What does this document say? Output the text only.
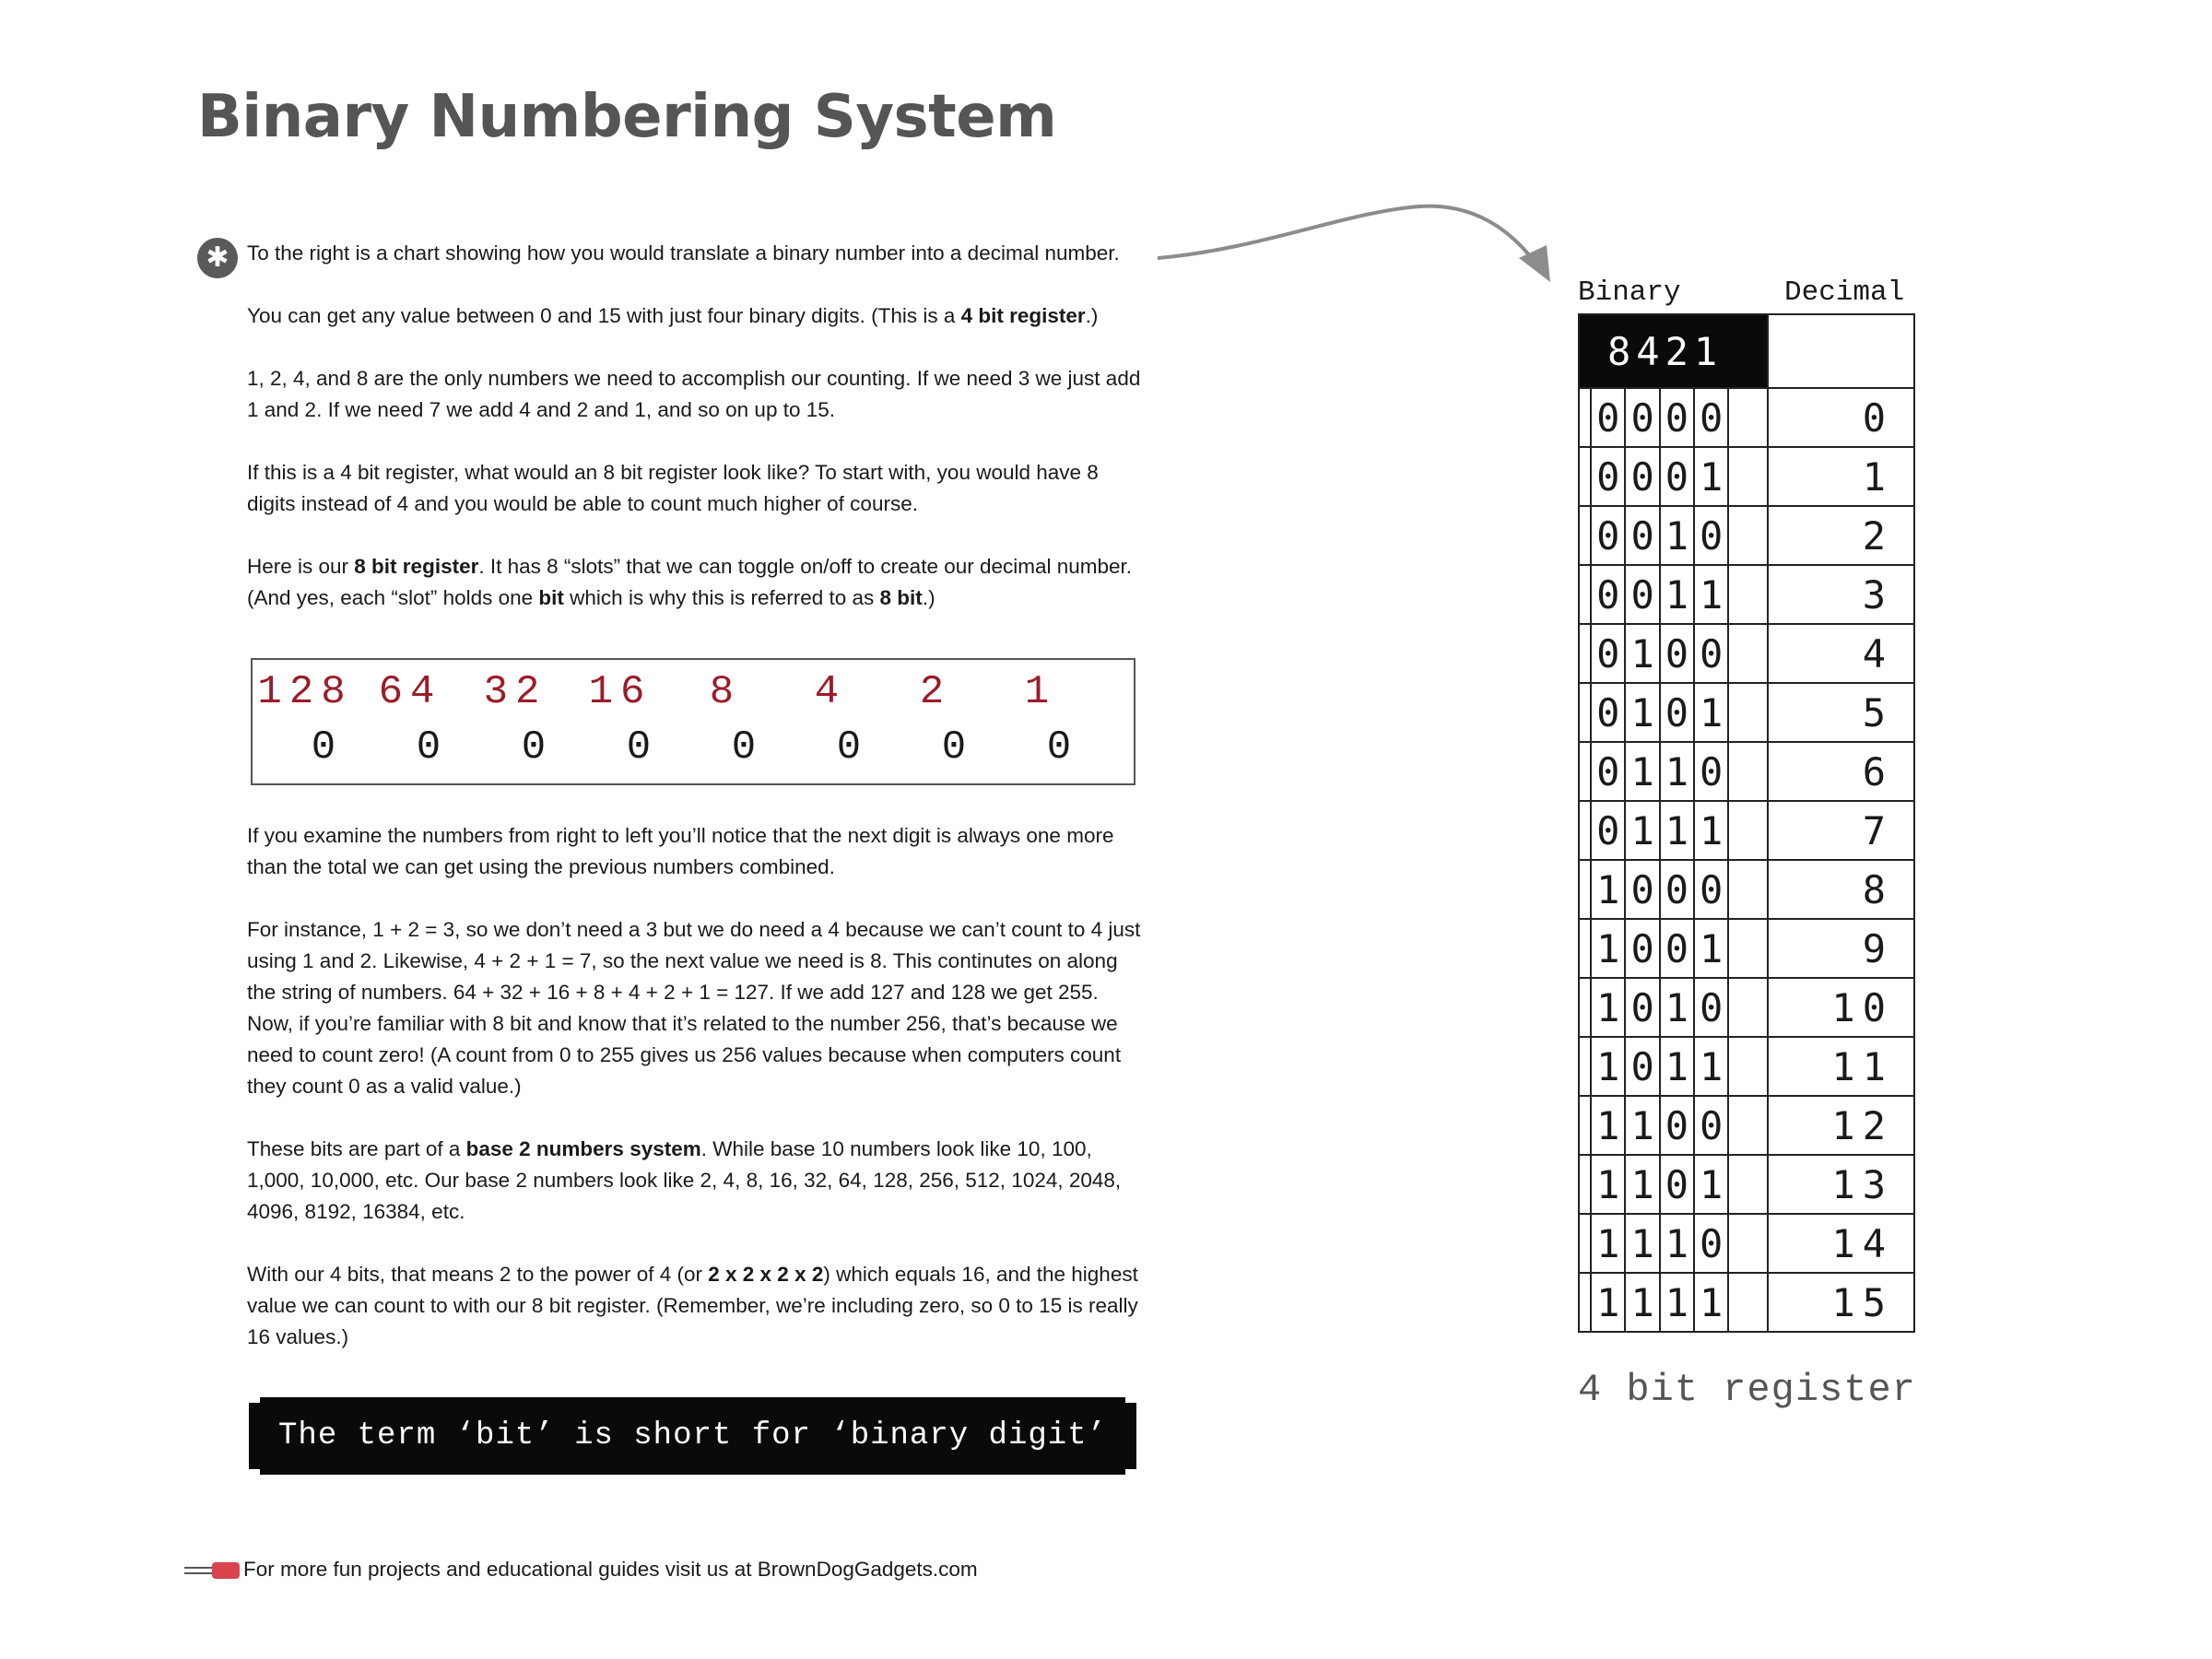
Binary Numbering System
✱ To the right is a chart showing how you would translate a binary number into a decimal number.

You can get any value between 0 and 15 with just four binary digits. (This is a 4 bit register.)

1, 2, 4, and 8 are the only numbers we need to accomplish our counting. If we need 3 we just add 1 and 2. If we need 7 we add 4 and 2 and 1, and so on up to 15.

If this is a 4 bit register, what would an 8 bit register look like? To start with, you would have 8 digits instead of 4 and you would be able to count much higher of course.

Here is our 8 bit register. It has 8 “slots” that we can toggle on/off to create our decimal number. (And yes, each “slot” holds one bit which is why this is referred to as 8 bit.)

128 64	32	16	8	4	2	1
0	0	0	0	0	0	0	0

If you examine the numbers from right to left you’ll notice that the next digit is always one more than the total we can get using the previous numbers combined.

For instance, 1 + 2 = 3, so we don’t need a 3 but we do need a 4 because we can’t count to 4 just using 1 and 2. Likewise, 4 + 2 + 1 = 7, so the next value we need is 8. This continutes on along the string of numbers. 64 + 32 + 16 + 8 + 4 + 2 + 1 = 127. If we add 127 and 128 we get 255. Now, if you’re familiar with 8 bit and know that it’s related to the number 256, that’s because we need to count zero! (A count from 0 to 255 gives us 256 values because when computers count they count 0 as a valid value.)

These bits are part of a base 2 numbers system. While base 10 numbers look like 10, 100, 1,000, 10,000, etc. Our base 2 numbers look like 2, 4, 8, 16, 32, 64, 128, 256, 512, 1024, 2048, 4096, 8192, 16384, etc.

With our 4 bits, that means 2 to the power of 4 (or 2 x 2 x 2 x 2) which equals 16, and the highest value we can count to with our 8 bit register. (Remember, we’re including zero, so 0 to 15 is really 16 values.)

The term ‘bit’ is short for ‘binary digit’
For more fun projects and educational guides visit us at BrownDogGadgets.com
Binary	Decimal
8421						
	0	0	0	0		0
	0	0	0	1		1
	0	0	1	0		2
	0	0	1	1		3
	0	1	0	0		4
	0	1	0	1		5
	0	1	1	0		6
	0	1	1	1		7
	1	0	0	0		8
	1	0	0	1		9
	1	0	1	0		10
	1	0	1	1		11
	1	1	0	0		12
	1	1	0	1		13
	1	1	1	0		14
	1	1	1	1		15
4 bit register
